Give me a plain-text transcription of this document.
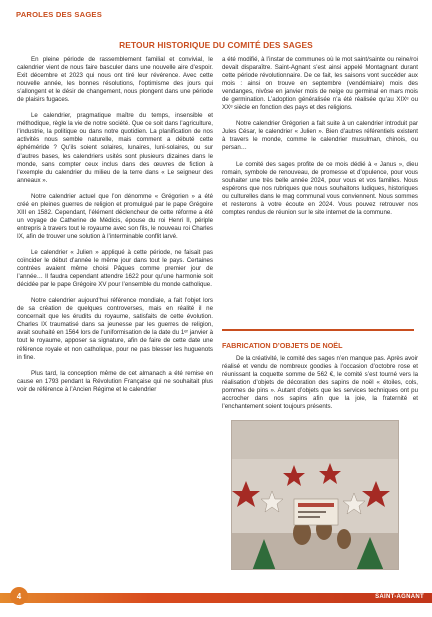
PAROLES DES SAGES
RETOUR HISTORIQUE DU COMITÉ DES SAGES

En pleine période de rassemblement familial et convivial, le calendrier vient de nous faire basculer dans une nouvelle aire d’espoir. Exit décembre et 2023 qui nous ont tiré leur révérence. Avec cette nouvelle année, les bonnes résolutions, l’optimisme des jours qui s’allongent et le désir de changement, nous plongent dans une période de plaisirs fugaces.

Le calendrier, pragmatique maître du temps, insensible et méthodique, règle la vie de notre société. Que ce soit dans l’agriculture, l’industrie, la politique ou dans notre quotidien. La planification de nos activités nous semble naturelle, mais comment a débuté cette éphéméride ? Qu’ils soient solaires, lunaires, luni-solaires, ou sur d’autres bases, les calendriers usités sont plusieurs dizaines dans le monde, sans compter ceux inclus dans des œuvres de fiction à l’exemple du calendrier du milieu de la terre dans « Le seigneur des anneaux ».

Notre calendrier actuel que l’on dénomme « Grégorien » a été créé en pleines guerres de religion et promulgué par le pape Grégoire XIII en 1582. Cependant, l’élément déclencheur de cette réforme a été un voyage de Catherine de Médicis, épouse du roi Henri II, périple entrepris à travers tout le royaume avec son fils, le nouveau roi Charles IX, afin de trouver une solution à l’interminable conflit larvé.

Le calendrier « Julien » appliqué à cette période, ne faisait pas coïncider le début d’année le même jour dans tout le pays. Certaines contrées avaient même choisi Pâques comme premier jour de l’année… Il faudra cependant attendre 1622 pour qu’une harmonie soit décidée par le pape Grégoire XV pour l’ensemble du monde catholique.

Notre calendrier aujourd’hui référence mondiale, a fait l’objet lors de sa création de quelques controverses, mais en réalité il ne concernait que les érudits du royaume, satisfaits de cette évolution. Charles IX traumatisé dans sa jeunesse par les guerres de religion, avait souhaité en 1564 lors de l’uniformisation de la date du 1ᵉʳ janvier à tout le royaume, apposer sa signature, afin de faire de cette date une référence royale et non catholique, pour ne pas blesser les huguenots in fine.

Plus tard, la conception même de cet almanach a été remise en cause en 1793 pendant la Révolution Française qui ne souhaitait plus voir de référence à l’Ancien Régime et le calendrier

a été modifié, à l’instar de communes où le mot saint/sainte ou reine/roi devait disparaître. Saint-Agnant s’est ainsi appelé Montagnant durant cette période révolutionnaire. De ce fait, les saisons vont succéder aux mois : ainsi on trouve en septembre (vendémiaire) mois des vendanges, nivôse en janvier mois de neige ou germinal en mars mois de germination. L’adoption généralisée n’a été réalisée qu’au XIXᵉ ou XXᵉ siècle en fonction des pays et des religions.

Notre calendrier Grégorien a fait suite à un calendrier introduit par Jules César, le calendrier « Julien ». Bien d’autres référentiels existent à travers le monde, comme le calendrier musulman, chinois, ou persan…

Le comité des sages profite de ce mois dédié à « Janus », dieu romain, symbole de renouveau, de promesse et d’opulence, pour vous souhaiter une très belle année 2024, pour vous et vos familles. Nous espérons que nos rubriques que nous souhaitons ludiques, historiques ou culturelles dans le mag communal vous conviennent. Nous sommes et resterons à votre écoute en 2024. Vous pouvez retrouver nos comptes rendus de réunion sur le site internet de la commune.

FABRICATION D’OBJETS DE NOËL

De la créativité, le comité des sages n’en manque pas. Après avoir réalisé et vendu de nombreux goodies à l’occasion d’octobre rose et réunissant la coquette somme de 562 €, le comité s’est tourné vers la réalisation d’objets de décoration des sapins de noël « étoiles, cols, pommes de pins ». Autant d’objets que les services techniques ont pu accrocher dans nos sapins afin que la joie, la fraternité et l’enchantement soient toujours présents.

4	SAINT-AGNANT
